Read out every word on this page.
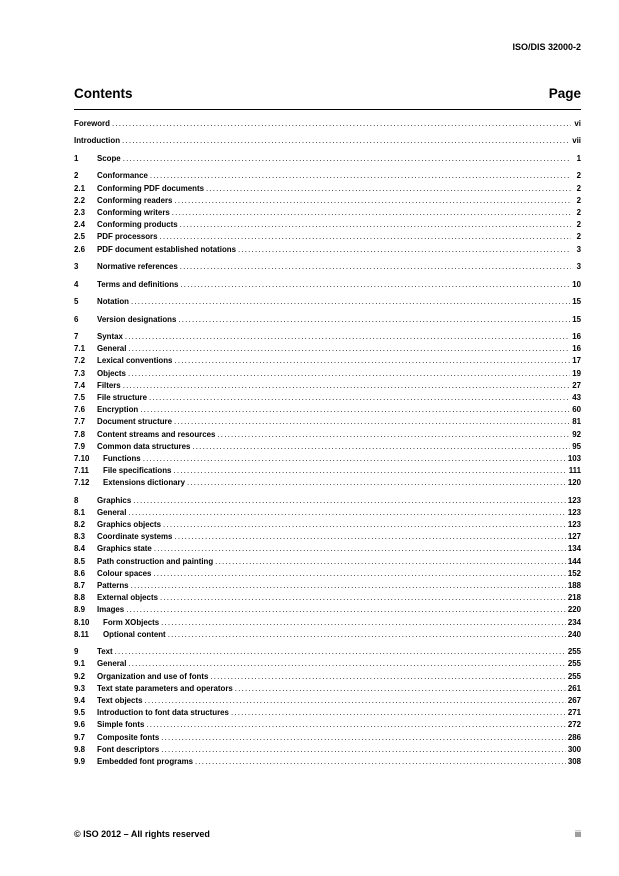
ISO/DIS 32000-2
Contents	Page
Foreword .....	vi
Introduction .....	vii
1	Scope .....	1
2	Conformance .....	2
2.1	Conforming PDF documents .....	2
2.2	Conforming readers .....	2
2.3	Conforming writers .....	2
2.4	Conforming products .....	2
2.5	PDF processors .....	2
2.6	PDF document established notations .....	3
3	Normative references .....	3
4	Terms and definitions .....	10
5	Notation .....	15
6	Version designations .....	15
7	Syntax .....	16
7.1	General .....	16
7.2	Lexical conventions .....	17
7.3	Objects .....	19
7.4	Filters .....	27
7.5	File structure .....	43
7.6	Encryption .....	60
7.7	Document structure .....	81
7.8	Content streams and resources .....	92
7.9	Common data structures .....	95
7.10	Functions .....	103
7.11	File specifications .....	111
7.12	Extensions dictionary .....	120
8	Graphics .....	123
8.1	General .....	123
8.2	Graphics objects .....	123
8.3	Coordinate systems .....	127
8.4	Graphics state .....	134
8.5	Path construction and painting .....	144
8.6	Colour spaces .....	152
8.7	Patterns .....	188
8.8	External objects .....	218
8.9	Images .....	220
8.10	Form XObjects .....	234
8.11	Optional content .....	240
9	Text .....	255
9.1	General .....	255
9.2	Organization and use of fonts .....	255
9.3	Text state parameters and operators .....	261
9.4	Text objects .....	267
9.5	Introduction to font data structures .....	271
9.6	Simple fonts .....	272
9.7	Composite fonts .....	286
9.8	Font descriptors .....	300
9.9	Embedded font programs .....	308
© ISO 2012 – All rights reserved	iii
